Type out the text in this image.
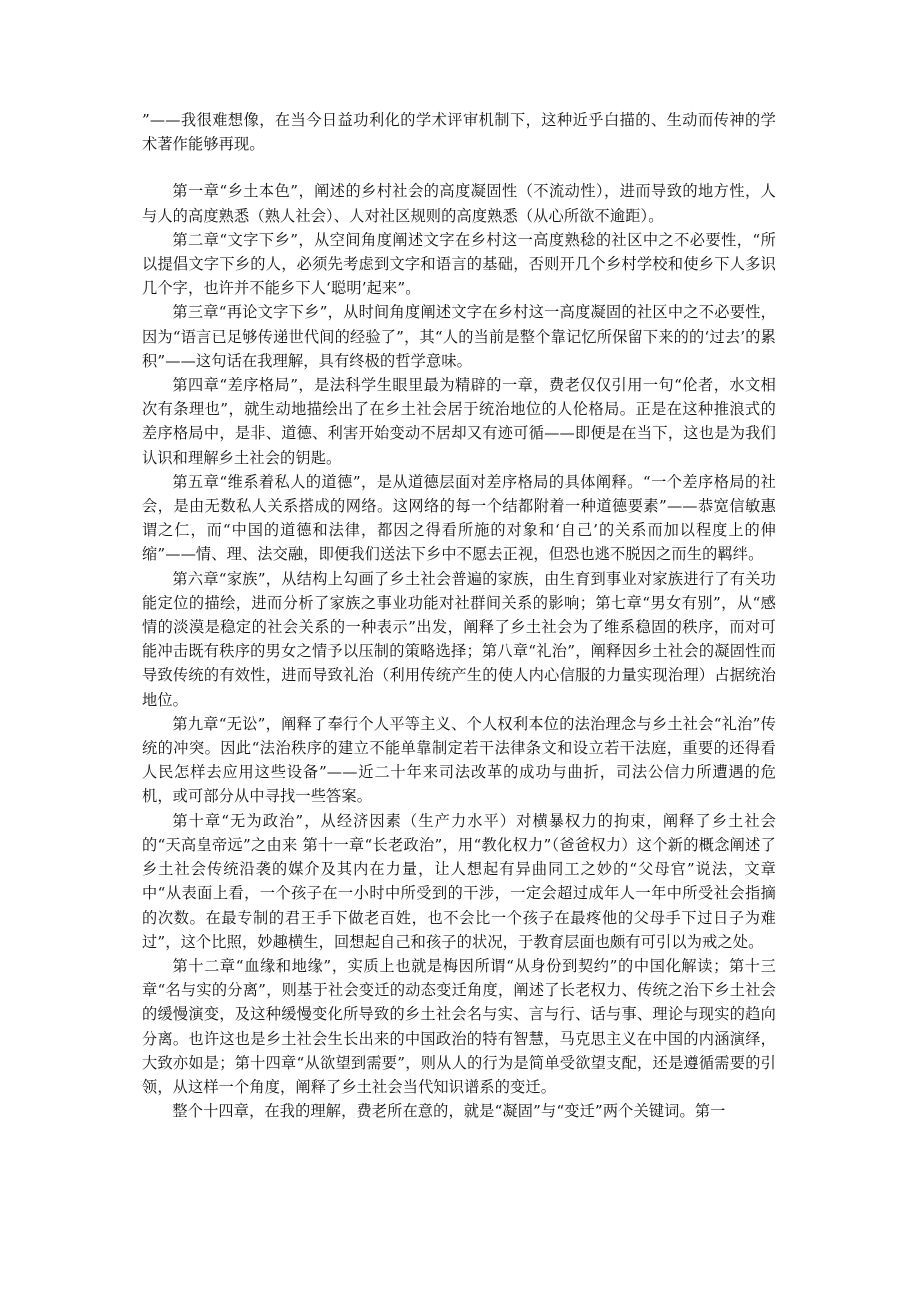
”——我很难想像，在当今日益功利化的学术评审机制下，这种近乎白描的、生动而传神的学术著作能够再现。

第一章“乡土本色”，阐述的乡村社会的高度凝固性（不流动性），进而导致的地方性，人与人的高度熟悉（熟人社会）、人对社区规则的高度熟悉（从心所欲不逾距）。

第二章“文字下乡”，从空间角度阐述文字在乡村这一高度熟稔的社区中之不必要性，“所以提倡文字下乡的人，必须先考虑到文字和语言的基础，否则开几个乡村学校和使乡下人多识几个字，也许并不能乡下人‘聪明’起来”。

第三章“再论文字下乡”，从时间角度阐述文字在乡村这一高度凝固的社区中之不必要性，因为“语言已足够传递世代间的经验了”，其“人的当前是整个靠记忆所保留下来的的‘过去’的累积”——这句话在我理解，具有终极的哲学意味。

第四章“差序格局”，是法科学生眼里最为精辟的一章，费老仅仅引用一句“伦者，水文相次有条理也”，就生动地描绘出了在乡土社会居于统治地位的人伦格局。正是在这种推浪式的差序格局中，是非、道德、利害开始变动不居却又有迹可循——即便是在当下，这也是为我们认识和理解乡土社会的钥匙。

第五章“维系着私人的道德”，是从道德层面对差序格局的具体阐释。“一个差序格局的社会，是由无数私人关系搭成的网络。这网络的每一个结都附着一种道德要素”——恭宽信敏惠谓之仁，而“中国的道德和法律，都因之得看所施的对象和‘自己’的关系而加以程度上的伸缩”——情、理、法交融，即便我们送法下乡中不愿去正视，但恐也逃不脱因之而生的羁绊。

第六章“家族”，从结构上勾画了乡土社会普遍的家族，由生育到事业对家族进行了有关功能定位的描绘，进而分析了家族之事业功能对社群间关系的影响；第七章“男女有别”，从“感情的淡漠是稳定的社会关系的一种表示”出发，阐释了乡土社会为了维系稳固的秩序，而对可能冲击既有秩序的男女之情予以压制的策略选择；第八章“礼治”，阐释因乡土社会的凝固性而导致传统的有效性，进而导致礼治（利用传统产生的使人内心信服的力量实现治理）占据统治地位。

第九章“无讼”，阐释了奉行个人平等主义、个人权利本位的法治理念与乡土社会“礼治”传统的冲突。因此“法治秩序的建立不能单靠制定若干法律条文和设立若干法庭，重要的还得看人民怎样去应用这些设备”——近二十年来司法改革的成功与曲折，司法公信力所遭遇的危机，或可部分从中寻找一些答案。

第十章“无为政治”，从经济因素（生产力水平）对横暴权力的拘束，阐释了乡土社会的“天高皇帝远”之由来 第十一章“长老政治”，用“教化权力”（爸爸权力）这个新的概念阐述了乡土社会传统沿袭的媒介及其内在力量，让人想起有异曲同工之妙的“父母官”说法，文章中“从表面上看，一个孩子在一小时中所受到的干涉，一定会超过成年人一年中所受社会指摘的次数。在最专制的君王手下做老百姓，也不会比一个孩子在最疼他的父母手下过日子为难过”，这个比照，妙趣横生，回想起自己和孩子的状况，于教育层面也颇有可引以为戒之处。

第十二章“血缘和地缘”，实质上也就是梅因所谓“从身份到契约”的中国化解读；第十三章“名与实的分离”，则基于社会变迁的动态变迁角度，阐述了长老权力、传统之治下乡土社会的缓慢演变，及这种缓慢变化所导致的乡土社会名与实、言与行、话与事、理论与现实的趋向分离。也许这也是乡土社会生长出来的中国政治的特有智慧，马克思主义在中国的内涵演绎，大致亦如是；第十四章“从欲望到需要”，则从人的行为是简单受欲望支配，还是遵循需要的引领，从这样一个角度，阐释了乡土社会当代知识谱系的变迁。

整个十四章，在我的理解，费老所在意的，就是“凝固”与“变迁”两个关键词。第一
